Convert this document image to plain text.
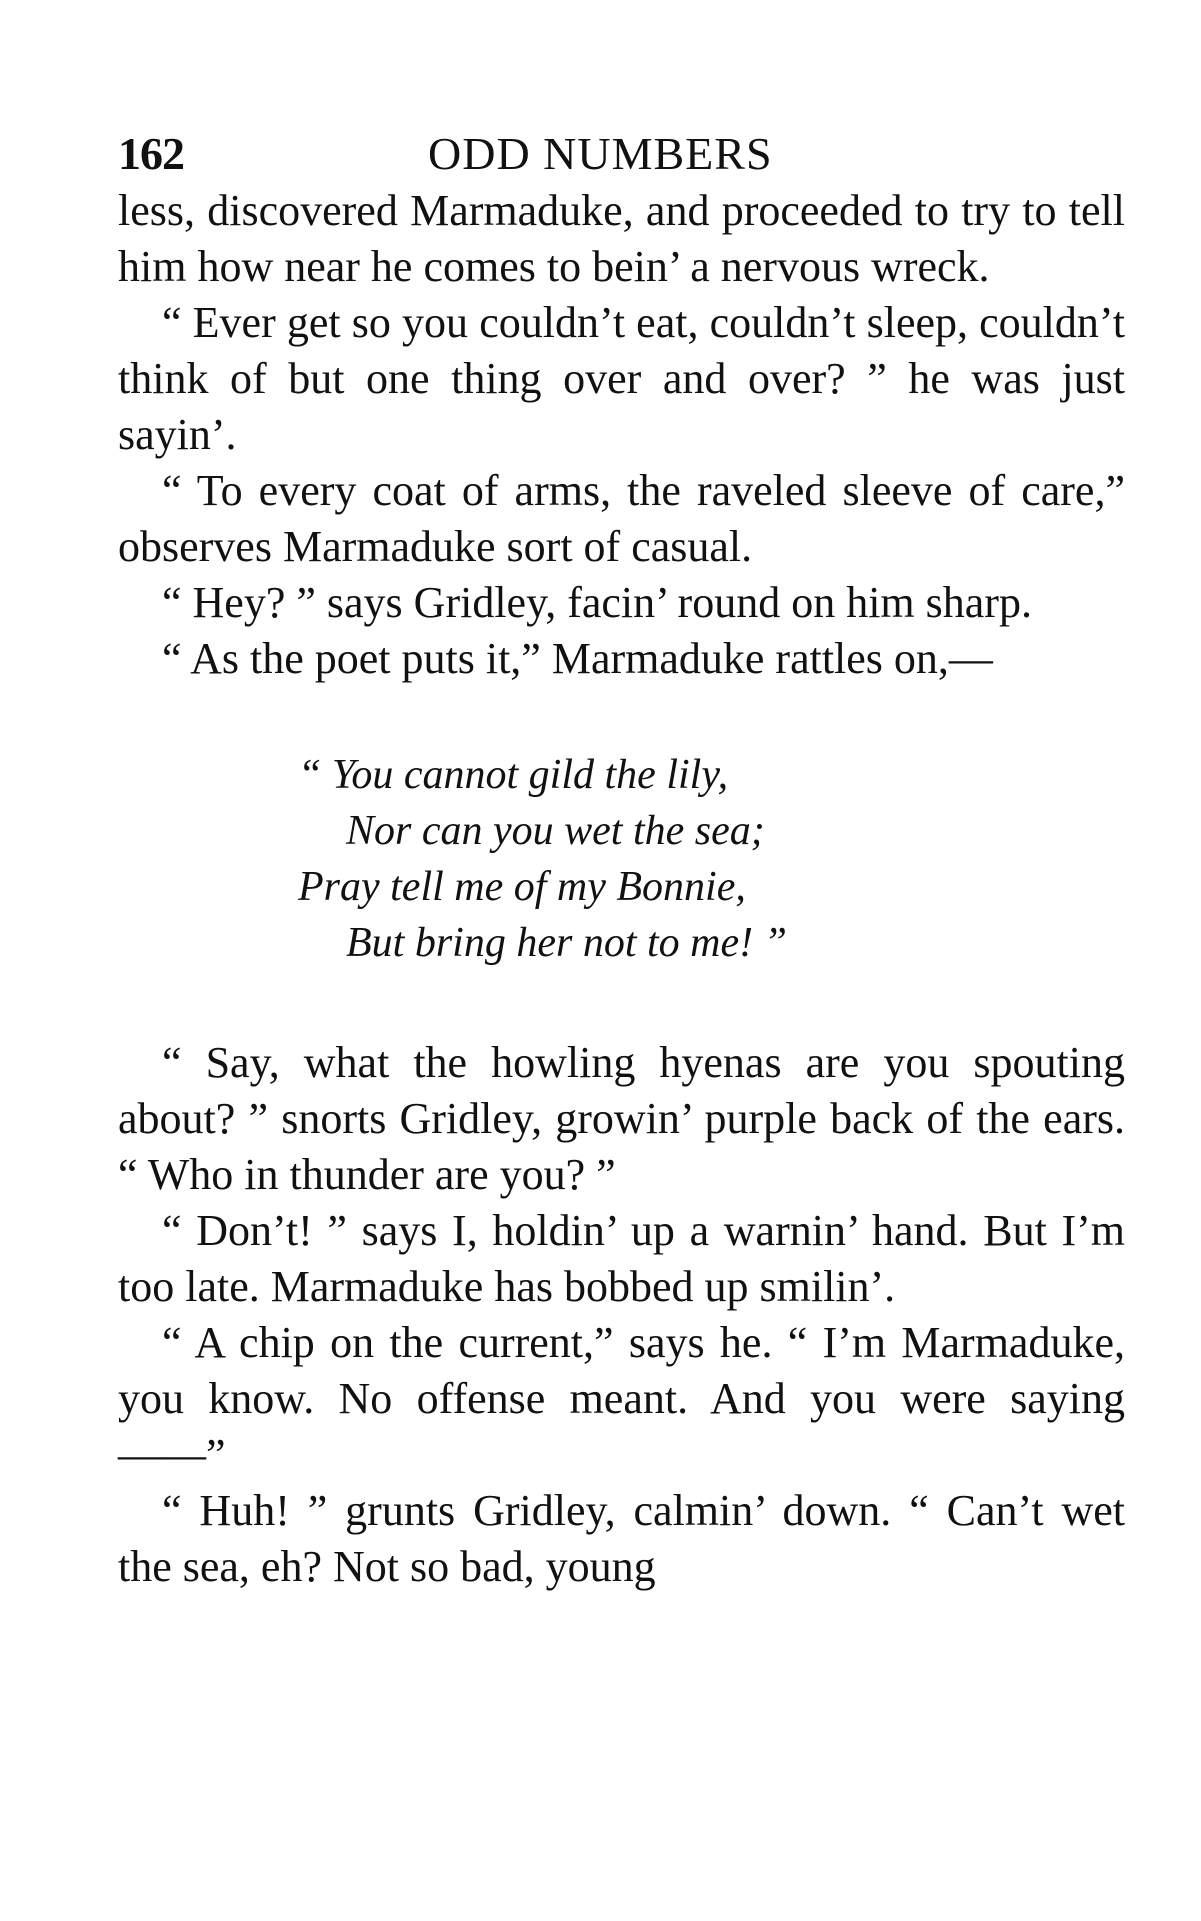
162	ODD NUMBERS

less, discovered Marmaduke, and proceeded to try to tell him how near he comes to bein’ a nervous wreck.

“ Ever get so you couldn’t eat, couldn’t sleep, couldn’t think of but one thing over and over? ” he was just sayin’.

“ To every coat of arms, the raveled sleeve of care,” observes Marmaduke sort of casual.

“ Hey? ” says Gridley, facin’ round on him sharp.

“ As the poet puts it,” Marmaduke rattles on,—

“ You cannot gild the lily,
Nor can you wet the sea;
Pray tell me of my Bonnie,
But bring her not to me! ”

“ Say, what the howling hyenas are you spouting about? ” snorts Gridley, growin’ purple back of the ears. “ Who in thunder are you? ”

“ Don’t! ” says I, holdin’ up a warnin’ hand. But I’m too late. Marmaduke has bobbed up smilin’.

“ A chip on the current,” says he. “ I’m Marmaduke, you know. No offense meant. And you were saying——”

“ Huh! ” grunts Gridley, calmin’ down. “ Can’t wet the sea, eh? Not so bad, young
